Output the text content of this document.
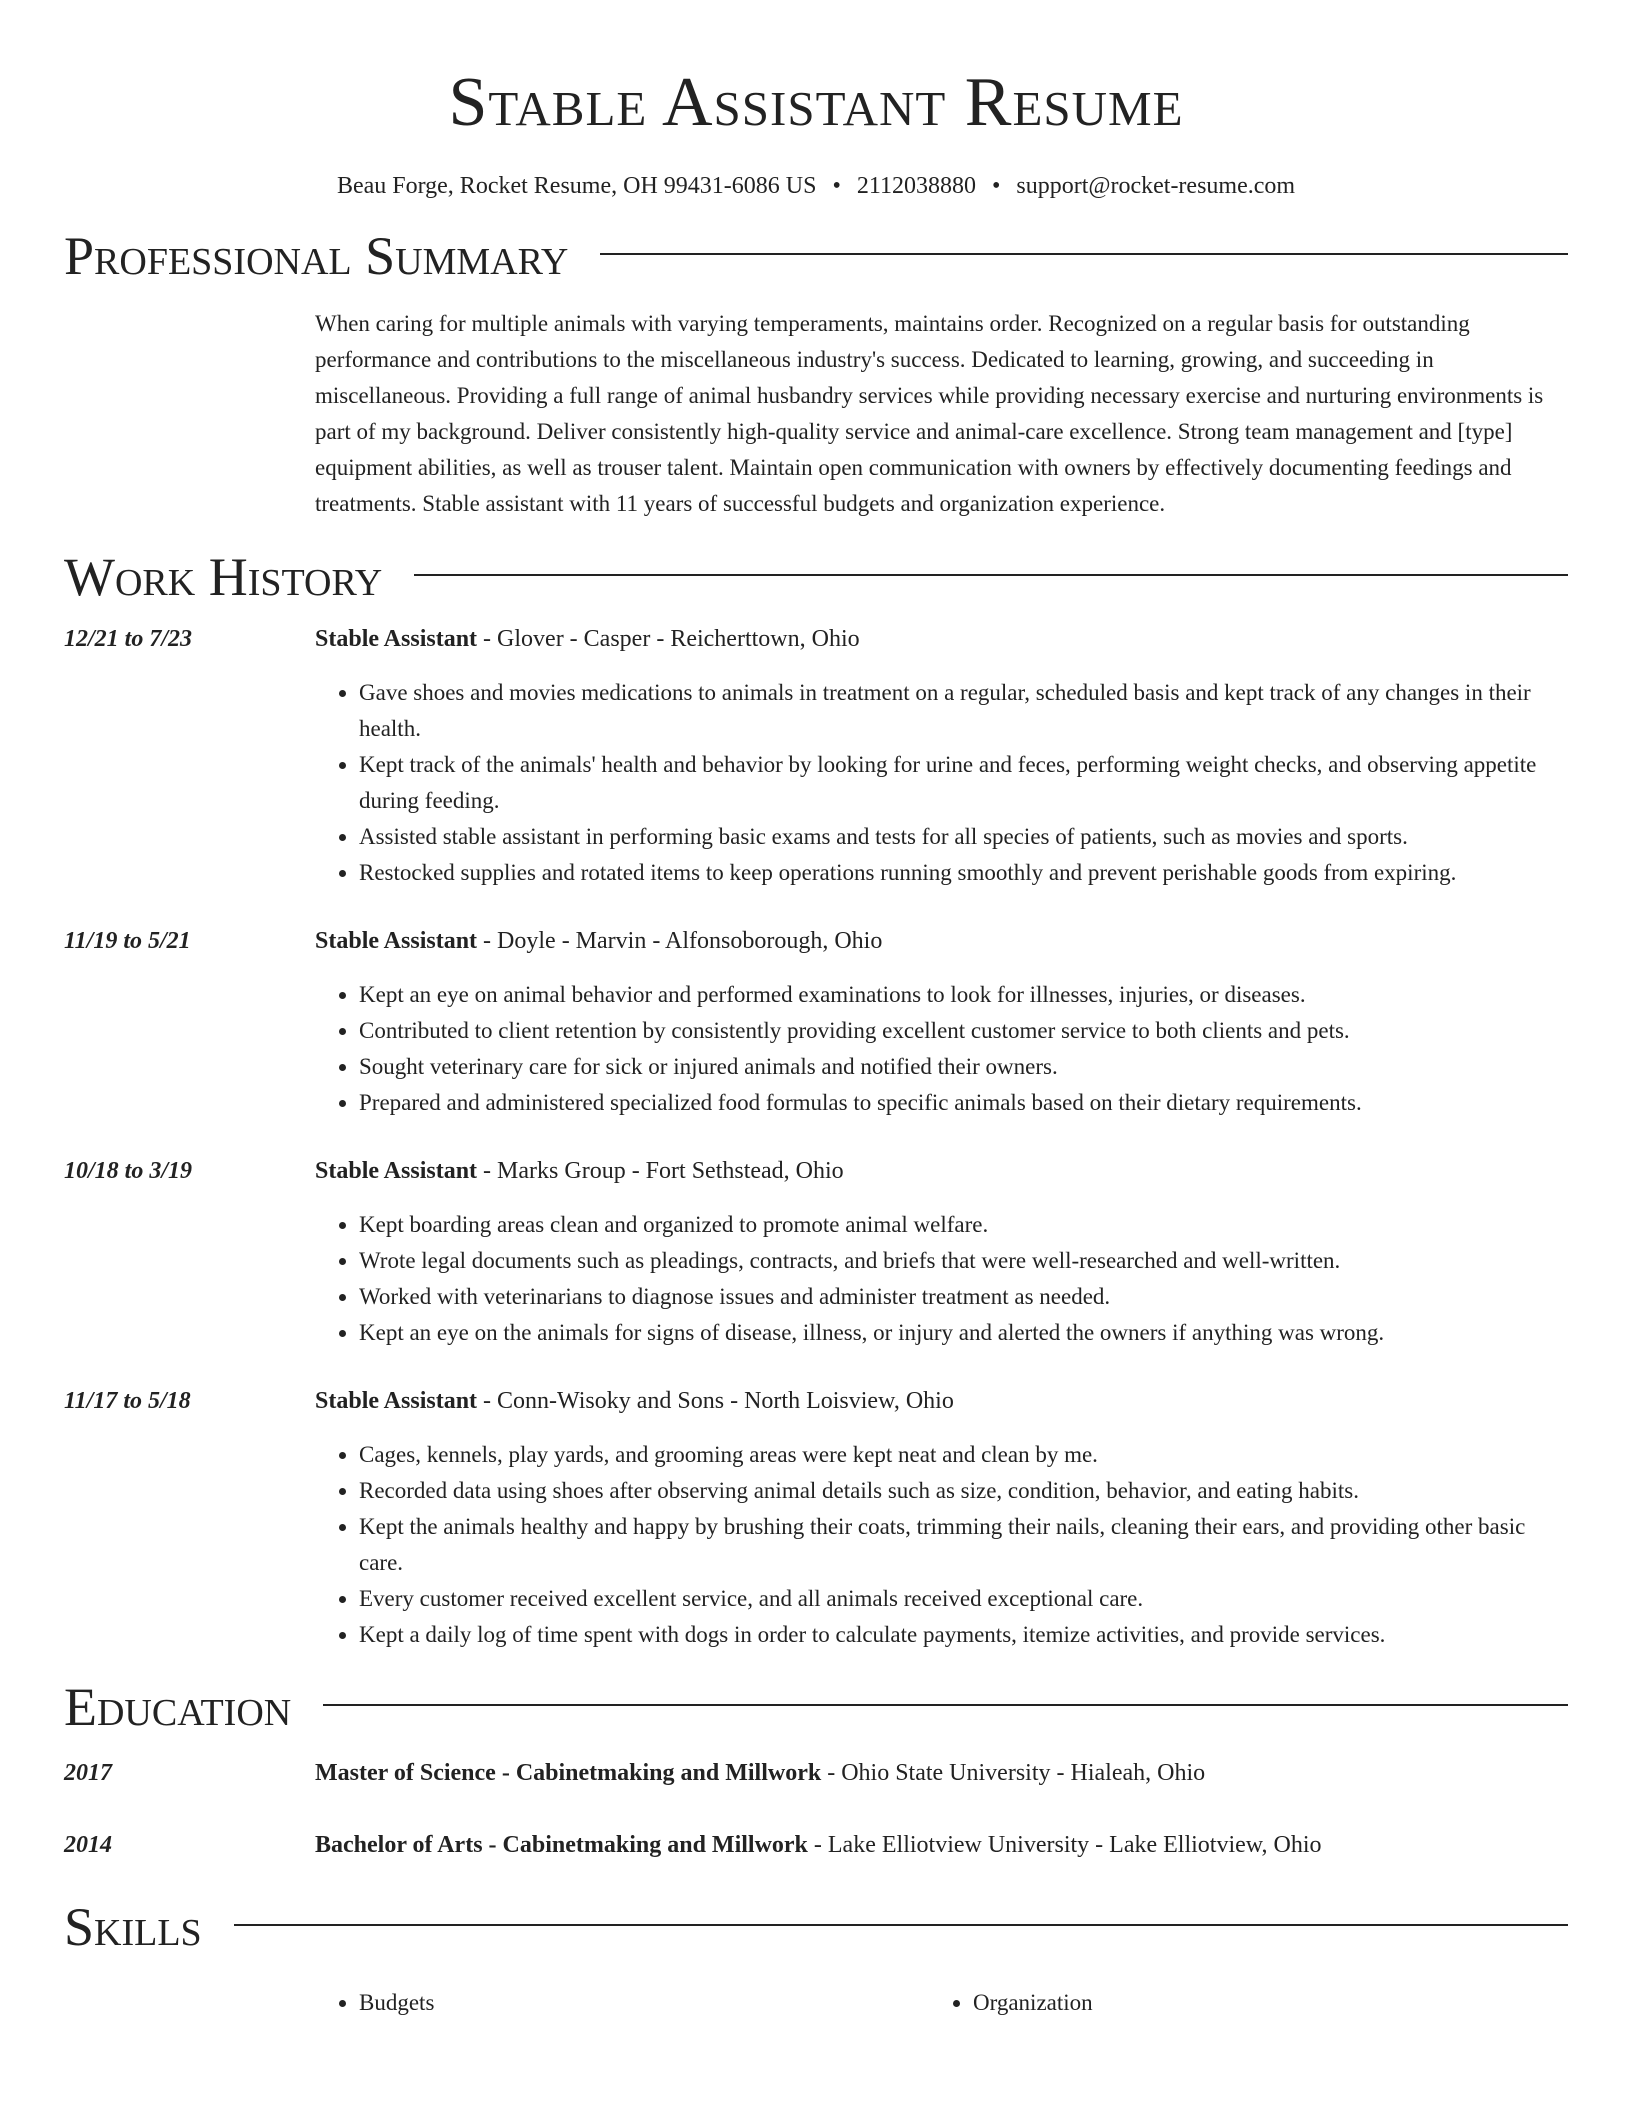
Stable Assistant Resume
Beau Forge, Rocket Resume, OH 99431-6086 US • 2112038880 • support@rocket-resume.com
Professional Summary

When caring for multiple animals with varying temperaments, maintains order. Recognized on a regular basis for outstanding performance and contributions to the miscellaneous industry's success. Dedicated to learning, growing, and succeeding in miscellaneous. Providing a full range of animal husbandry services while providing necessary exercise and nurturing environments is part of my background. Deliver consistently high-quality service and animal-care excellence. Strong team management and [type] equipment abilities, as well as trouser talent. Maintain open communication with owners by effectively documenting feedings and treatments. Stable assistant with 11 years of successful budgets and organization experience.

Work History
12/21 to 7/23	Stable Assistant - Glover - Casper - Reicherttown, Ohio
• Gave shoes and movies medications to animals in treatment on a regular, scheduled basis and kept track of any changes in their health.
• Kept track of the animals' health and behavior by looking for urine and feces, performing weight checks, and observing appetite during feeding.
• Assisted stable assistant in performing basic exams and tests for all species of patients, such as movies and sports.
• Restocked supplies and rotated items to keep operations running smoothly and prevent perishable goods from expiring.
11/19 to 5/21	Stable Assistant - Doyle - Marvin - Alfonsoborough, Ohio
• Kept an eye on animal behavior and performed examinations to look for illnesses, injuries, or diseases.
• Contributed to client retention by consistently providing excellent customer service to both clients and pets.
• Sought veterinary care for sick or injured animals and notified their owners.
• Prepared and administered specialized food formulas to specific animals based on their dietary requirements.
10/18 to 3/19	Stable Assistant - Marks Group - Fort Sethstead, Ohio
• Kept boarding areas clean and organized to promote animal welfare.
• Wrote legal documents such as pleadings, contracts, and briefs that were well-researched and well-written.
• Worked with veterinarians to diagnose issues and administer treatment as needed.
• Kept an eye on the animals for signs of disease, illness, or injury and alerted the owners if anything was wrong.
11/17 to 5/18	Stable Assistant - Conn-Wisoky and Sons - North Loisview, Ohio
• Cages, kennels, play yards, and grooming areas were kept neat and clean by me.
• Recorded data using shoes after observing animal details such as size, condition, behavior, and eating habits.
• Kept the animals healthy and happy by brushing their coats, trimming their nails, cleaning their ears, and providing other basic care.
• Every customer received excellent service, and all animals received exceptional care.
• Kept a daily log of time spent with dogs in order to calculate payments, itemize activities, and provide services.
Education
2017	Master of Science - Cabinetmaking and Millwork - Ohio State University - Hialeah, Ohio
2014	Bachelor of Arts - Cabinetmaking and Millwork - Lake Elliotview University - Lake Elliotview, Ohio
Skills
• Budgets
•	Organization
